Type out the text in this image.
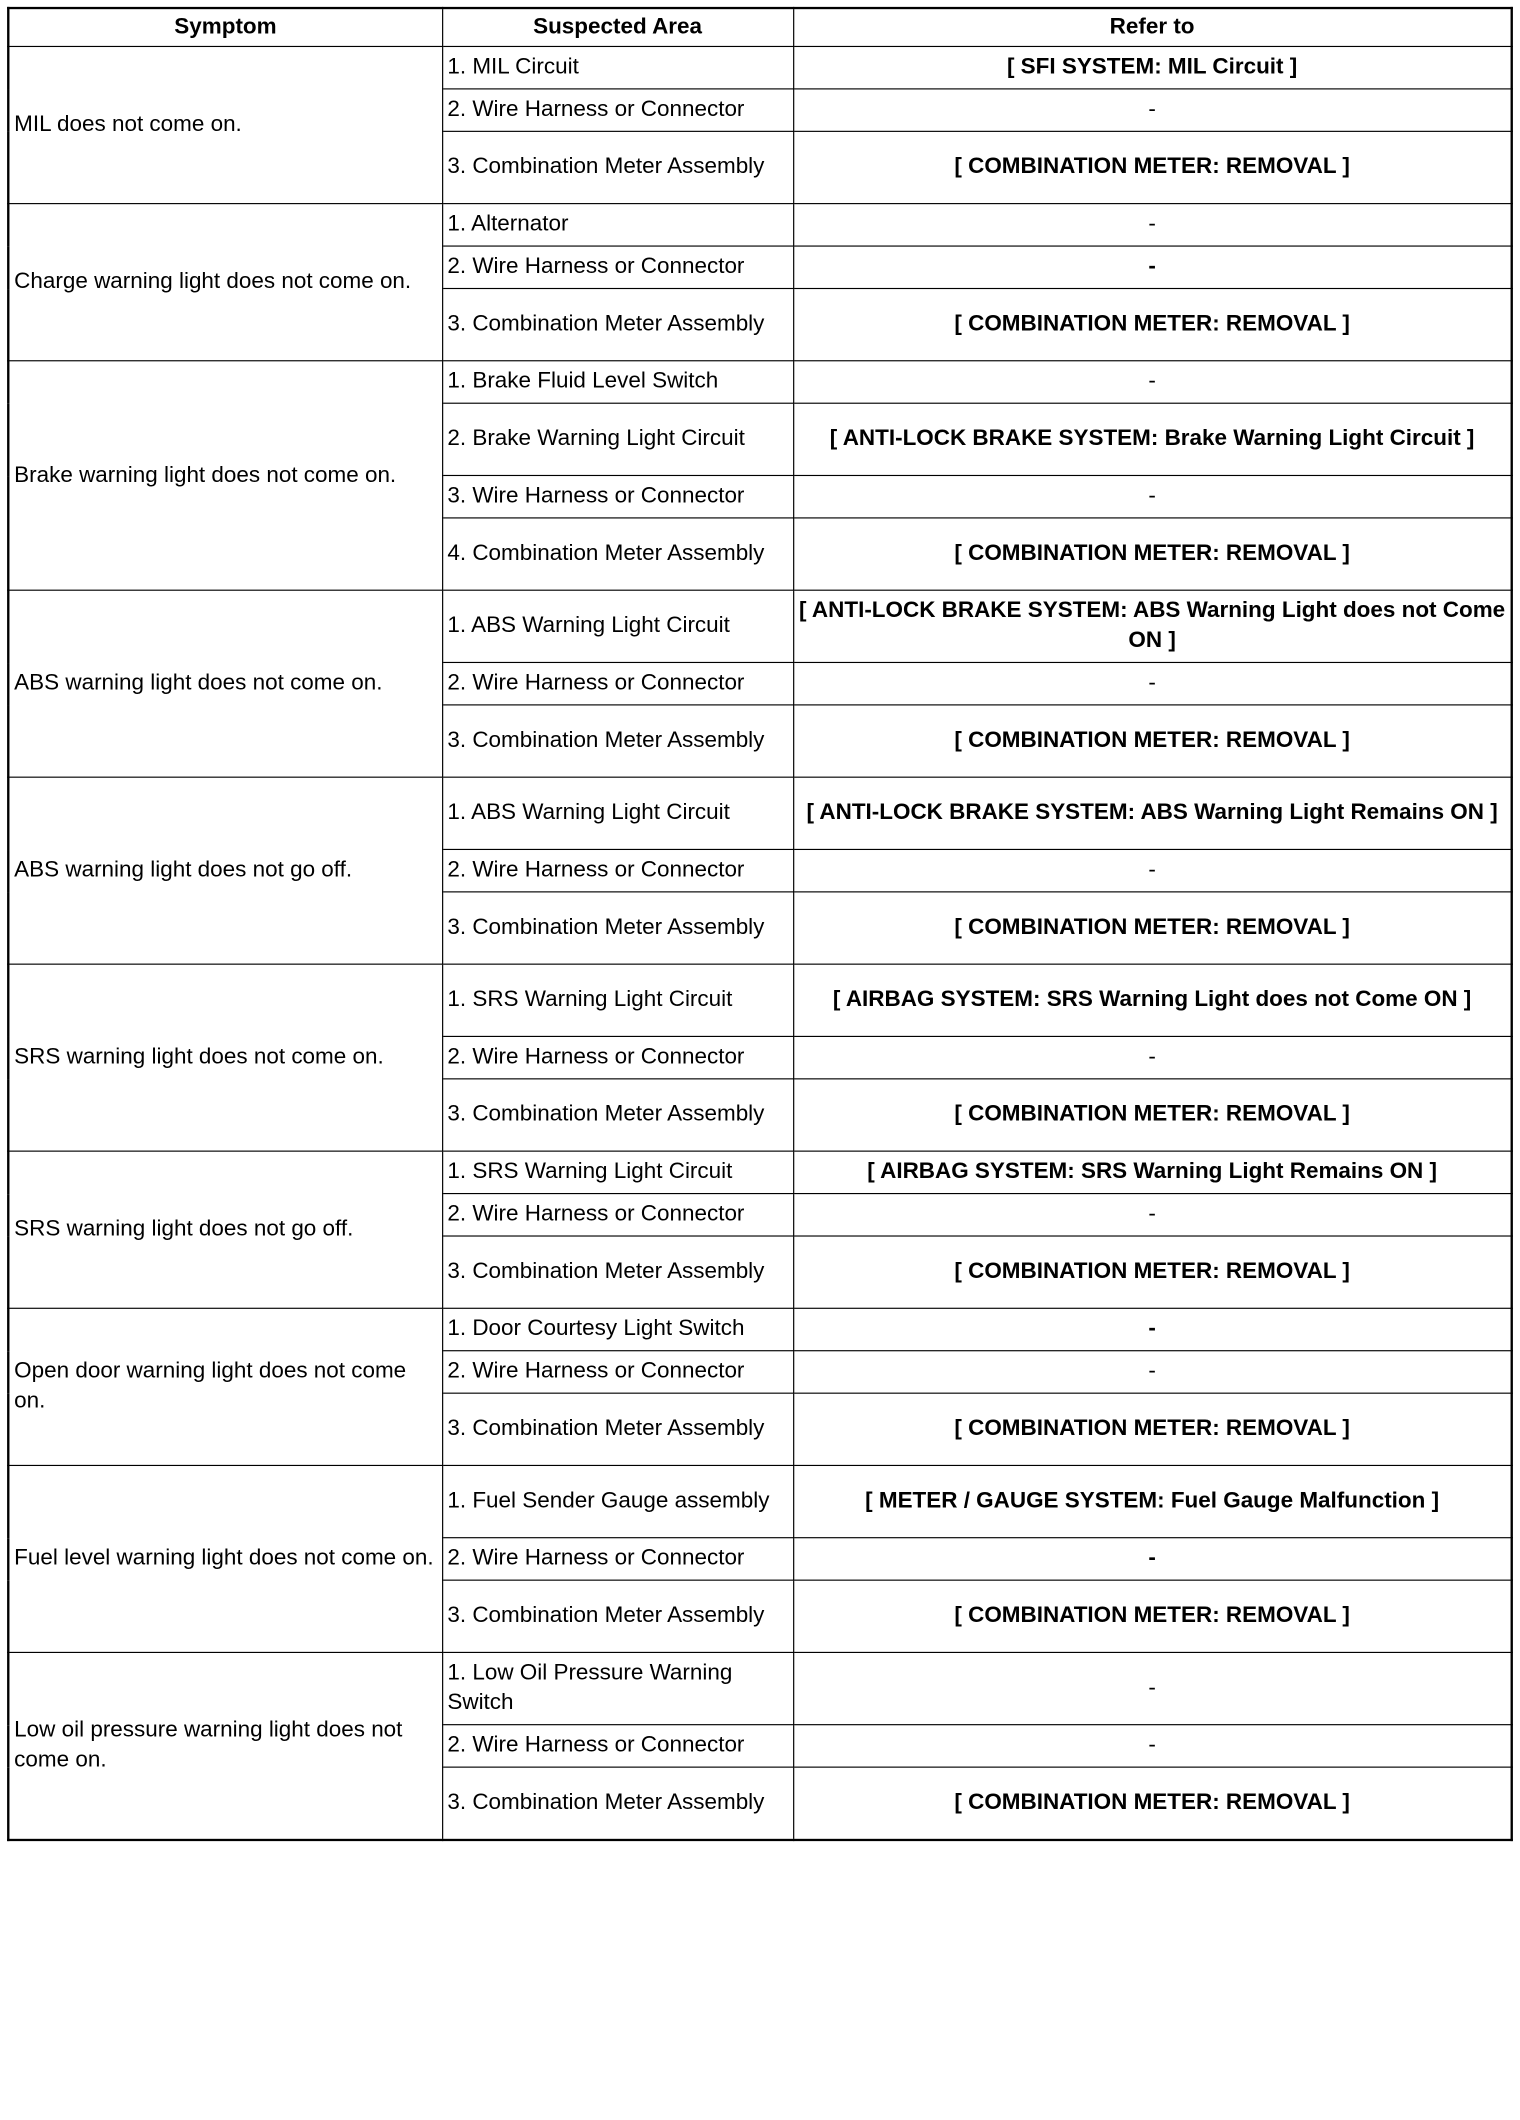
Symptom	Suspected Area	Refer to
MIL does not come on.	1. MIL Circuit	[ SFI SYSTEM: MIL Circuit ]
	2. Wire Harness or Connector	-
	3. Combination Meter Assembly	[ COMBINATION METER: REMOVAL ]
Charge warning light does not come on.	1. Alternator	-
	2. Wire Harness or Connector	-
	3. Combination Meter Assembly	[ COMBINATION METER: REMOVAL ]
Brake warning light does not come on.	1. Brake Fluid Level Switch	-
	2. Brake Warning Light Circuit	[ ANTI-LOCK BRAKE SYSTEM: Brake Warning Light Circuit ]
	3. Wire Harness or Connector	-
	4. Combination Meter Assembly	[ COMBINATION METER: REMOVAL ]
ABS warning light does not come on.	1. ABS Warning Light Circuit	[ ANTI-LOCK BRAKE SYSTEM: ABS Warning Light does not Come ON ]
	2. Wire Harness or Connector	-
	3. Combination Meter Assembly	[ COMBINATION METER: REMOVAL ]
ABS warning light does not go off.	1. ABS Warning Light Circuit	[ ANTI-LOCK BRAKE SYSTEM: ABS Warning Light Remains ON ]
	2. Wire Harness or Connector	-
	3. Combination Meter Assembly	[ COMBINATION METER: REMOVAL ]
SRS warning light does not come on.	1. SRS Warning Light Circuit	[ AIRBAG SYSTEM: SRS Warning Light does not Come ON ]
	2. Wire Harness or Connector	-
	3. Combination Meter Assembly	[ COMBINATION METER: REMOVAL ]
SRS warning light does not go off.	1. SRS Warning Light Circuit	[ AIRBAG SYSTEM: SRS Warning Light Remains ON ]
	2. Wire Harness or Connector	-
	3. Combination Meter Assembly	[ COMBINATION METER: REMOVAL ]
Open door warning light does not come on.	1. Door Courtesy Light Switch	-
	2. Wire Harness or Connector	-
	3. Combination Meter Assembly	[ COMBINATION METER: REMOVAL ]
Fuel level warning light does not come on.	1. Fuel Sender Gauge assembly	[ METER / GAUGE SYSTEM: Fuel Gauge Malfunction ]
	2. Wire Harness or Connector	-
	3. Combination Meter Assembly	[ COMBINATION METER: REMOVAL ]
Low oil pressure warning light does not come on.	1. Low Oil Pressure Warning Switch	-
	2. Wire Harness or Connector	-
	3. Combination Meter Assembly	[ COMBINATION METER: REMOVAL ]
